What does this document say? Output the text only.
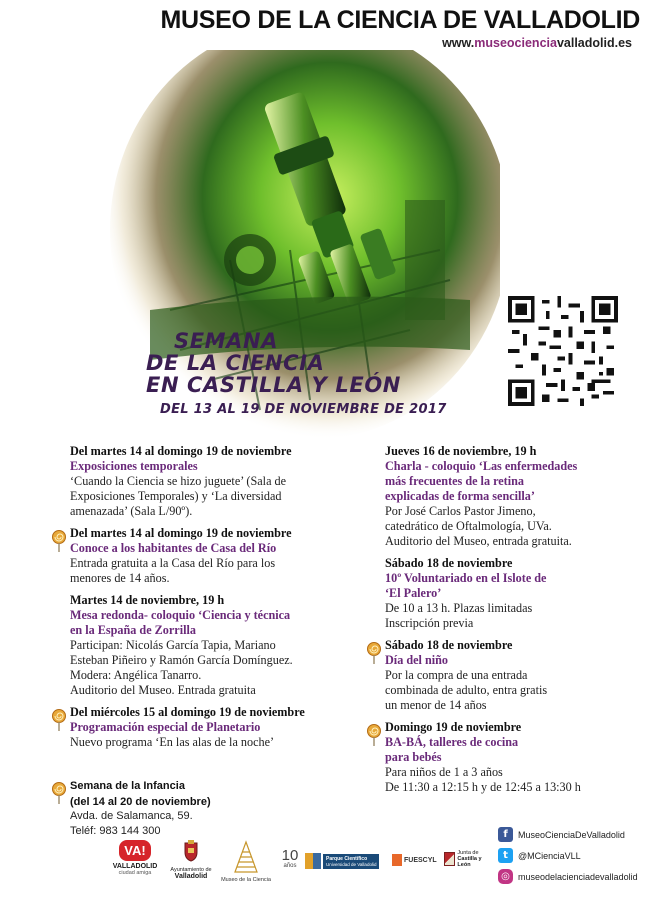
MUSEO DE LA CIENCIA DE VALLADOLID
www.museocienciavalladolid.es
SEMANA
DE LA CIENCIA
EN CASTILLA Y LEÓN
DEL 13 AL 19 DE NOVIEMBRE DE 2017
Del martes 14 al domingo 19 de noviembre
Exposiciones temporales
‘Cuando la Ciencia se hizo juguete’ (Sala de
Exposiciones Temporales) y ‘La diversidad
amenazada’ (Sala L/90º).
Del martes 14 al domingo 19 de noviembre
Conoce a los habitantes de Casa del Río
Entrada gratuita a la Casa del Río para los
menores de 14 años.
Martes 14 de noviembre, 19 h
Mesa redonda- coloquio ‘Ciencia y técnica
en la España de Zorrilla
Participan: Nicolás García Tapia, Mariano
Esteban Piñeiro y Ramón García Domínguez.
Modera: Angélica Tanarro.
Auditorio del Museo. Entrada gratuita
Del miércoles 15 al domingo 19 de noviembre
Programación especial de Planetario
Nuevo programa ‘En las alas de la noche’
Jueves 16 de noviembre, 19 h
Charla - coloquio ‘Las enfermedades
más frecuentes de la retina
explicadas de forma sencilla’
Por José Carlos Pastor Jimeno,
catedrático de Oftalmología, UVa.
Auditorio del Museo, entrada gratuita.
Sábado 18 de noviembre
10º Voluntariado en el Islote de
‘El Palero’
De 10 a 13 h. Plazas limitadas
Inscripción previa
Sábado 18 de noviembre
Día del niño
Por la compra de una entrada
combinada de adulto, entra gratis
un menor de 14 años
Domingo 19 de noviembre
BA-BÁ, talleres de cocina
para bebés
Para niños de 1 a 3 años
De 11:30 a 12:15 h y de 12:45 a 13:30 h
Semana de la Infancia
(del 14 al 20 de noviembre)
Avda. de Salamanca, 59.
Teléf: 983 144 300	f	MuseoCienciaDeValladolid
t	@MCienciaVLL
◎ museodelacienciadevalladolid
VA!
VALLADOLID
ciudad amiga	Ayuntamiento de
Valladolid	Museo de la Ciencia
10
años
Parque Científico
Universidad de Valladolid
FUESCYL
Junta de
Castilla y León
